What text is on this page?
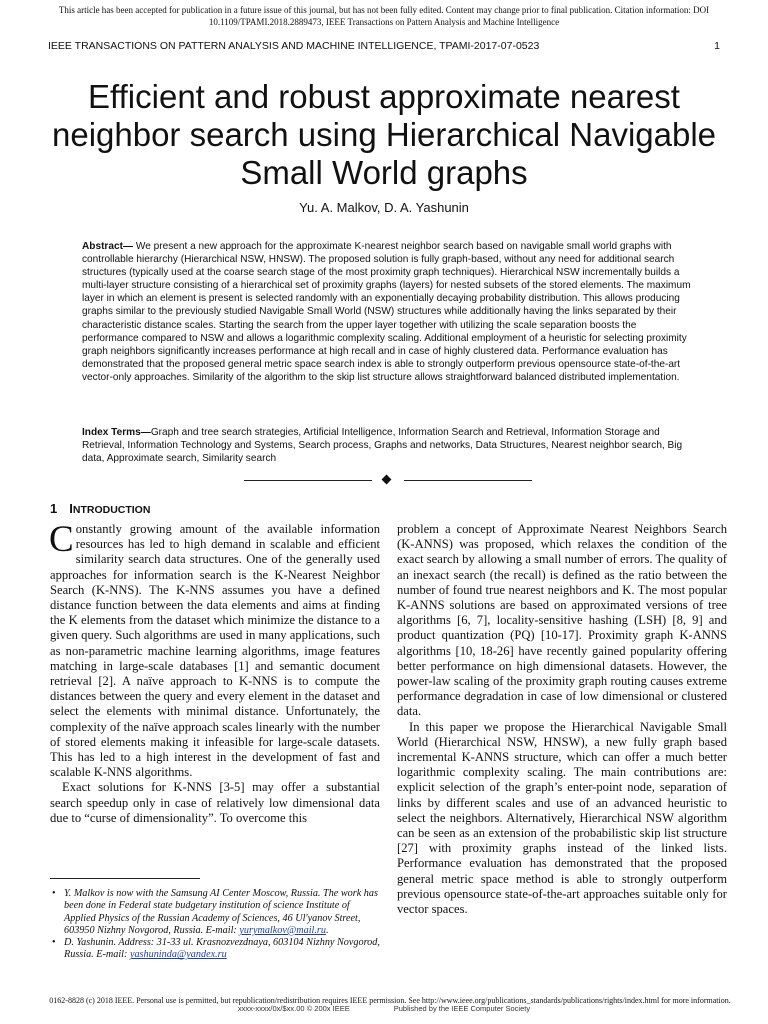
This article has been accepted for publication in a future issue of this journal, but has not been fully edited. Content may change prior to final publication. Citation information: DOI 10.1109/TPAMI.2018.2889473, IEEE Transactions on Pattern Analysis and Machine Intelligence
IEEE TRANSACTIONS ON PATTERN ANALYSIS AND MACHINE INTELLIGENCE, TPAMI-2017-07-0523	1
Efficient and robust approximate nearest neighbor search using Hierarchical Navigable Small World graphs
Yu. A. Malkov, D. A. Yashunin

Abstract— We present a new approach for the approximate K-nearest neighbor search based on navigable small world graphs with controllable hierarchy (Hierarchical NSW, HNSW). The proposed solution is fully graph-based, without any need for additional search structures (typically used at the coarse search stage of the most proximity graph techniques). Hierarchical NSW incrementally builds a multi-layer structure consisting of a hierarchical set of proximity graphs (layers) for nested subsets of the stored elements. The maximum layer in which an element is present is selected randomly with an exponentially decaying probability distribution. This allows producing graphs similar to the previously studied Navigable Small World (NSW) structures while additionally having the links separated by their characteristic distance scales. Starting the search from the upper layer together with utilizing the scale separation boosts the performance compared to NSW and allows a logarithmic complexity scaling. Additional employment of a heuristic for selecting proximity graph neighbors significantly increases performance at high recall and in case of highly clustered data. Performance evaluation has demonstrated that the proposed general metric space search index is able to strongly outperform previous opensource state-of-the-art vector-only approaches. Similarity of the algorithm to the skip list structure allows straightforward balanced distributed implementation.

Index Terms—Graph and tree search strategies, Artificial Intelligence, Information Search and Retrieval, Information Storage and Retrieval, Information Technology and Systems, Search process, Graphs and networks, Data Structures, Nearest neighbor search, Big data, Approximate search, Similarity search

1 INTRODUCTION

Constantly growing amount of the available information resources has led to high demand in scalable and efficient similarity search data structures. One of the generally used approaches for information search is the K-Nearest Neighbor Search (K-NNS). The K-NNS assumes you have a defined distance function between the data elements and aims at finding the K elements from the dataset which minimize the distance to a given query. Such algorithms are used in many applications, such as non-parametric machine learning algorithms, image features matching in large-scale databases [1] and semantic document retrieval [2]. A naïve approach to K-NNS is to compute the distances between the query and every element in the dataset and select the elements with minimal distance. Unfortunately, the complexity of the naïve approach scales linearly with the number of stored elements making it infeasible for large-scale datasets. This has led to a high interest in the development of fast and scalable K-NNS algorithms.

Exact solutions for K-NNS [3-5] may offer a substantial search speedup only in case of relatively low dimensional data due to “curse of dimensionality”. To overcome this

problem a concept of Approximate Nearest Neighbors Search (K-ANNS) was proposed, which relaxes the condition of the exact search by allowing a small number of errors. The quality of an inexact search (the recall) is defined as the ratio between the number of found true nearest neighbors and K. The most popular K-ANNS solutions are based on approximated versions of tree algorithms [6, 7], locality-sensitive hashing (LSH) [8, 9] and product quantization (PQ) [10-17]. Proximity graph K-ANNS algorithms [10, 18-26] have recently gained popularity offering better performance on high dimensional datasets. However, the power-law scaling of the proximity graph routing causes extreme performance degradation in case of low dimensional or clustered data.

In this paper we propose the Hierarchical Navigable Small World (Hierarchical NSW, HNSW), a new fully graph based incremental K-ANNS structure, which can offer a much better logarithmic complexity scaling. The main contributions are: explicit selection of the graph’s enter-point node, separation of links by different scales and use of an advanced heuristic to select the neighbors. Alternatively, Hierarchical NSW algorithm can be seen as an extension of the probabilistic skip list structure [27] with proximity graphs instead of the linked lists. Performance evaluation has demonstrated that the proposed general metric space method is able to strongly outperform previous opensource state-of-the-art approaches suitable only for vector spaces.

• Y. Malkov is now with the Samsung AI Center Moscow, Russia. The work has been done in Federal state budgetary institution of science Institute of Applied Physics of the Russian Academy of Sciences, 46 Ul'yanov Street, 603950 Nizhny Novgorod, Russia. E-mail: yurymalkov@mail.ru.

• D. Yashunin. Address: 31-33 ul. Krasnozvezdnaya, 603104 Nizhny Novgorod, Russia. E-mail: yashuninda@yandex.ru

0162-8828 (c) 2018 IEEE. Personal use is permitted, but republication/redistribution requires IEEE permission. See http://www.ieee.org/publications_standards/publications/rights/index.html for more information.
xxxx-xxxx/0x/$xx.00 © 200x IEEE	Published by the IEEE Computer Society
